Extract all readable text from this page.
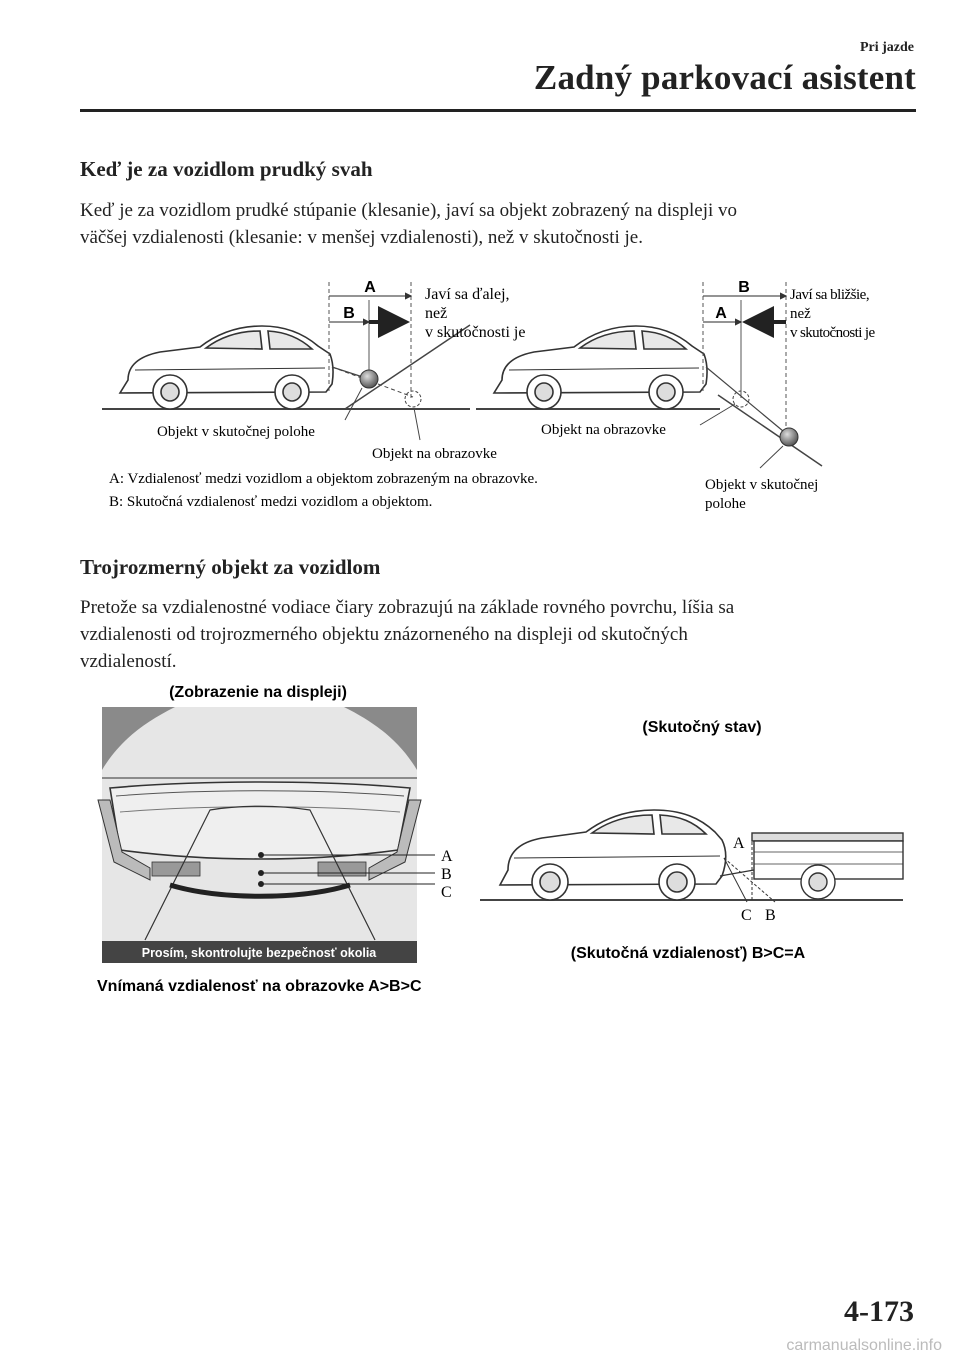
Pri jazde
Zadný parkovací asistent
Keď je za vozidlom prudký svah

Keď je za vozidlom prudké stúpanie (klesanie), javí sa objekt zobrazený na displeji vo

väčšej vzdialenosti (klesanie: v menšej vzdialenosti), než v skutočnosti je.

Trojrozmerný objekt za vozidlom

Pretože sa vzdialenostné vodiace čiary zobrazujú na základe rovného povrchu, líšia sa

vzdialenosti od trojrozmerného objektu znázorneného na displeji od skutočných

vzdialeností.

A
B
Javí sa ďalej,
než
v skutočnosti je
Objekt v skutočnej polohe
Objekt na obrazovke
B
A
Javí sa bližšie,
než
v skutočnosti je
Objekt na obrazovke
Objekt v skutočnej
polohe
A: Vzdialenosť medzi vozidlom a objektom zobrazeným na obrazovke.
B: Skutočná vzdialenosť medzi vozidlom a objektom.
(Zobrazenie na displeji)
A
B
C
Prosím, skontrolujte bezpečnosť okolia
Vnímaná vzdialenosť na obrazovke A>B>C
(Skutočný stav)
A
C B
(Skutočná vzdialenosť) B>C=A
4-173
carmanualsonline.info
